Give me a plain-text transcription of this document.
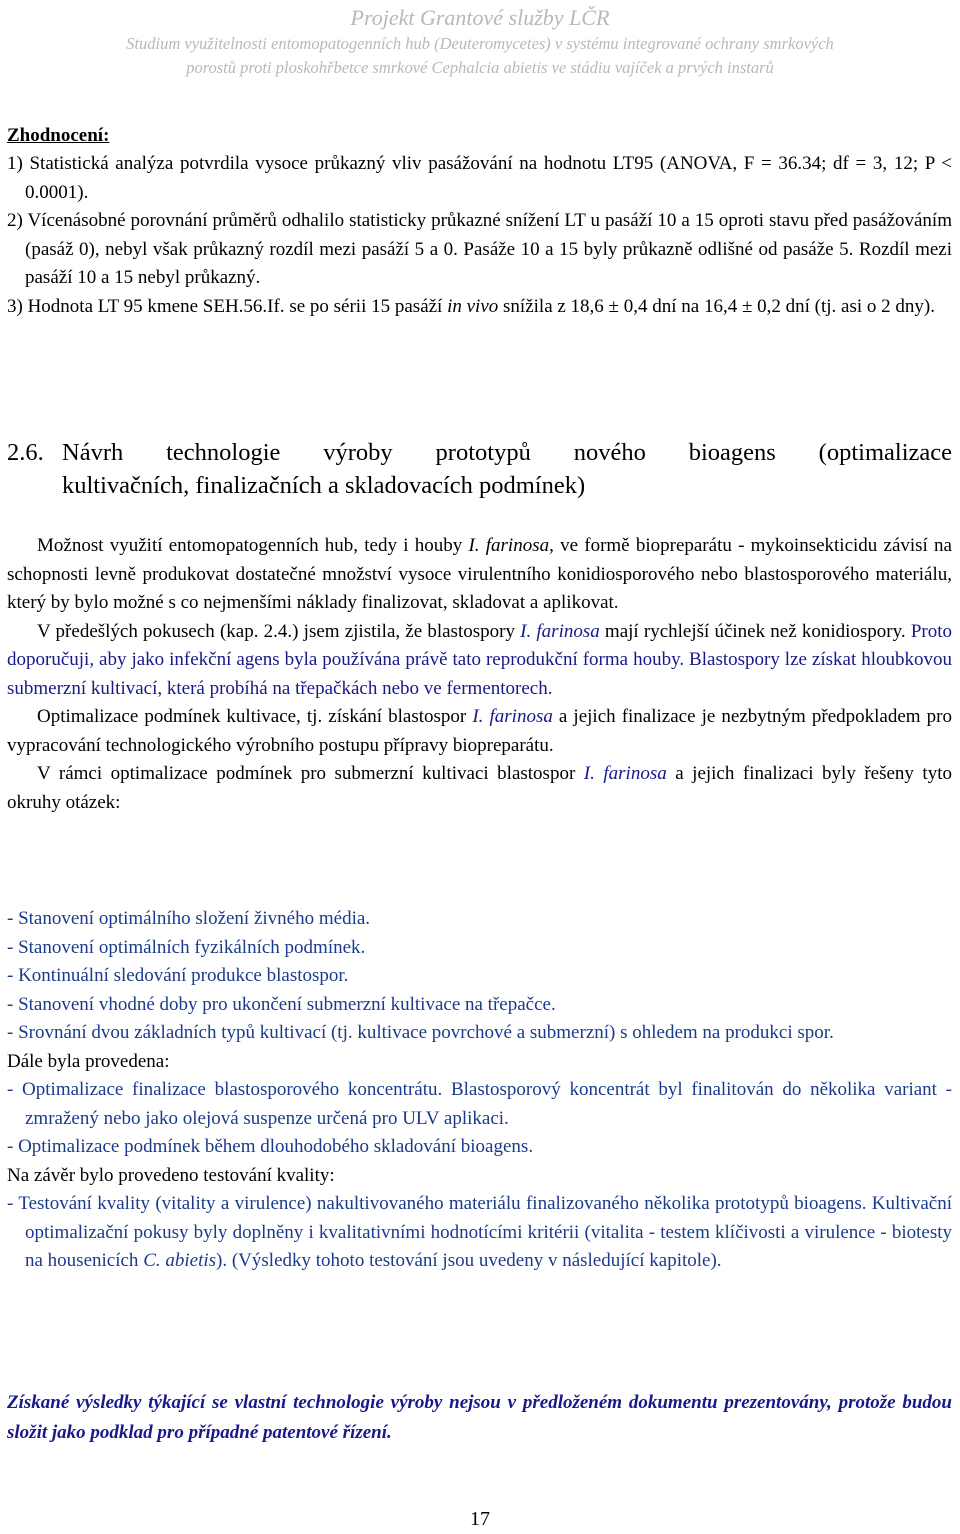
Projekt Grantové služby LČR
Studium využitelnosti entomopatogenních hub (Deuteromycetes) v systému integrované ochrany smrkových
porostů proti ploskohřbetce smrkové Cephalcia abietis ve stádiu vajíček a prvých instarů
Zhodnocení:

1) Statistická analýza potvrdila vysoce průkazný vliv pasážování na hodnotu LT95 (ANOVA, F = 36.34; df = 3, 12; P < 0.0001).

2) Vícenásobné porovnání průměrů odhalilo statisticky průkazné snížení LT u pasáží 10 a 15 oproti stavu před pasážováním (pasáž 0), nebyl však průkazný rozdíl mezi pasáží 5 a 0. Pasáže 10 a 15 byly průkazně odlišné od pasáže 5. Rozdíl mezi pasáží 10 a 15 nebyl průkazný.

3) Hodnota LT 95 kmene SEH.56.If. se po sérii 15 pasáží in vivo snížila z 18,6 ± 0,4 dní na 16,4 ± 0,2 dní (tj. asi o 2 dny).

2.6. Návrh technologie výroby prototypů nového bioagens (optimalizace
kultivačních, finalizačních a skladovacích podmínek)

Možnost využití entomopatogenních hub, tedy i houby I. farinosa, ve formě biopreparátu - mykoinsekticidu závisí na schopnosti levně produkovat dostatečné množství vysoce virulentního konidiosporového nebo blastosporového materiálu, který by bylo možné s co nejmenšími náklady finalizovat, skladovat a aplikovat.

V předešlých pokusech (kap. 2.4.) jsem zjistila, že blastospory I. farinosa mají rychlejší účinek než konidiospory. Proto doporučuji, aby jako infekční agens byla používána právě tato reprodukční forma houby. Blastospory lze získat hloubkovou submerzní kultivací, která probíhá na třepačkách nebo ve fermentorech.

Optimalizace podmínek kultivace, tj. získání blastospor I. farinosa a jejich finalizace je nezbytným předpokladem pro vypracování technologického výrobního postupu přípravy biopreparátu.

V rámci optimalizace podmínek pro submerzní kultivaci blastospor I. farinosa a jejich finalizaci byly řešeny tyto okruhy otázek:

- Stanovení optimálního složení živného média.

- Stanovení optimálních fyzikálních podmínek.

- Kontinuální sledování produkce blastospor.

- Stanovení vhodné doby pro ukončení submerzní kultivace na třepačce.

- Srovnání dvou základních typů kultivací (tj. kultivace povrchové a submerzní) s ohledem na produkci spor.

Dále byla provedena:

- Optimalizace finalizace blastosporového koncentrátu. Blastosporový koncentrát byl finalitován do několika variant - zmražený nebo jako olejová suspenze určená pro ULV aplikaci.

- Optimalizace podmínek během dlouhodobého skladování bioagens.

Na závěr bylo provedeno testování kvality:

- Testování kvality (vitality a virulence) nakultivovaného materiálu finalizovaného několika prototypů bioagens. Kultivační optimalizační pokusy byly doplněny i kvalitativními hodnotícími kritérii (vitalita - testem klíčivosti a virulence - biotesty na housenicích C. abietis). (Výsledky tohoto testování jsou uvedeny v následující kapitole).

Získané výsledky týkající se vlastní technologie výroby nejsou v předloženém dokumentu prezentovány, protože budou složit jako podklad pro případné patentové řízení.
17
